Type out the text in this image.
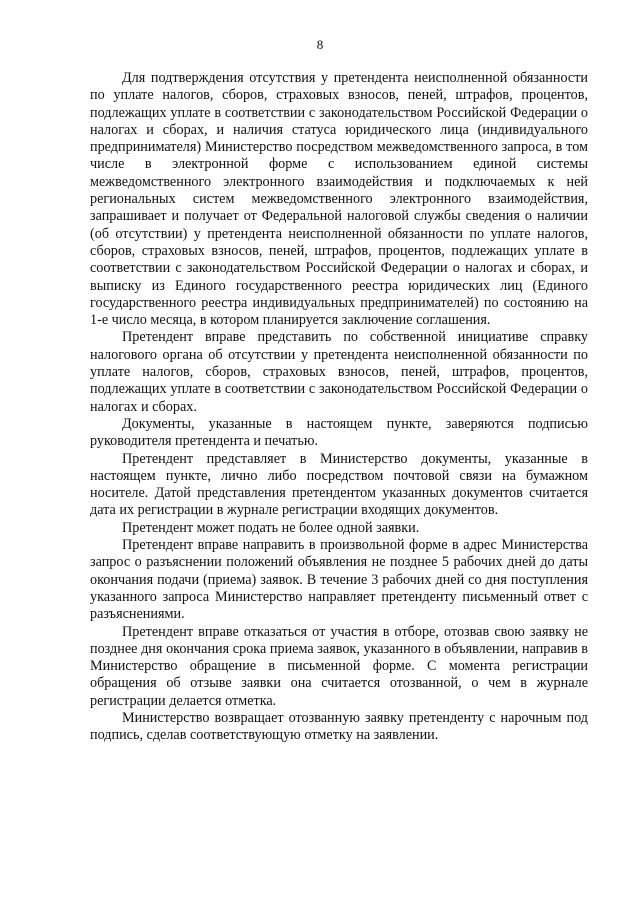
8

Для подтверждения отсутствия у претендента неисполненной обязанности по уплате налогов, сборов, страховых взносов, пеней, штрафов, процентов, подлежащих уплате в соответствии с законодательством Российской Федерации о налогах и сборах, и наличия статуса юридического лица (индивидуального предпринимателя) Министерство посредством межведомственного запроса, в том числе в электронной форме с использованием единой системы межведомственного электронного взаимодействия и подключаемых к ней региональных систем межведомственного электронного взаимодействия, запрашивает и получает от Федеральной налоговой службы сведения о наличии (об отсутствии) у претендента неисполненной обязанности по уплате налогов, сборов, страховых взносов, пеней, штрафов, процентов, подлежащих уплате в соответствии с законодательством Российской Федерации о налогах и сборах, и выписку из Единого государственного реестра юридических лиц (Единого государственного реестра индивидуальных предпринимателей) по состоянию на 1-е число месяца, в котором планируется заключение соглашения.

Претендент вправе представить по собственной инициативе справку налогового органа об отсутствии у претендента неисполненной обязанности по уплате налогов, сборов, страховых взносов, пеней, штрафов, процентов, подлежащих уплате в соответствии с законодательством Российской Федерации о налогах и сборах.

Документы, указанные в настоящем пункте, заверяются подписью руководителя претендента и печатью.

Претендент представляет в Министерство документы, указанные в настоящем пункте, лично либо посредством почтовой связи на бумажном носителе. Датой представления претендентом указанных документов считается дата их регистрации в журнале регистрации входящих документов.

Претендент может подать не более одной заявки.

Претендент вправе направить в произвольной форме в адрес Министерства запрос о разъяснении положений объявления не позднее 5 рабочих дней до даты окончания подачи (приема) заявок. В течение 3 рабочих дней со дня поступления указанного запроса Министерство направляет претенденту письменный ответ с разъяснениями.

Претендент вправе отказаться от участия в отборе, отозвав свою заявку не позднее дня окончания срока приема заявок, указанного в объявлении, направив в Министерство обращение в письменной форме. С момента регистрации обращения об отзыве заявки она считается отозванной, о чем в журнале регистрации делается отметка.

Министерство возвращает отозванную заявку претенденту с нарочным под подпись, сделав соответствующую отметку на заявлении.
